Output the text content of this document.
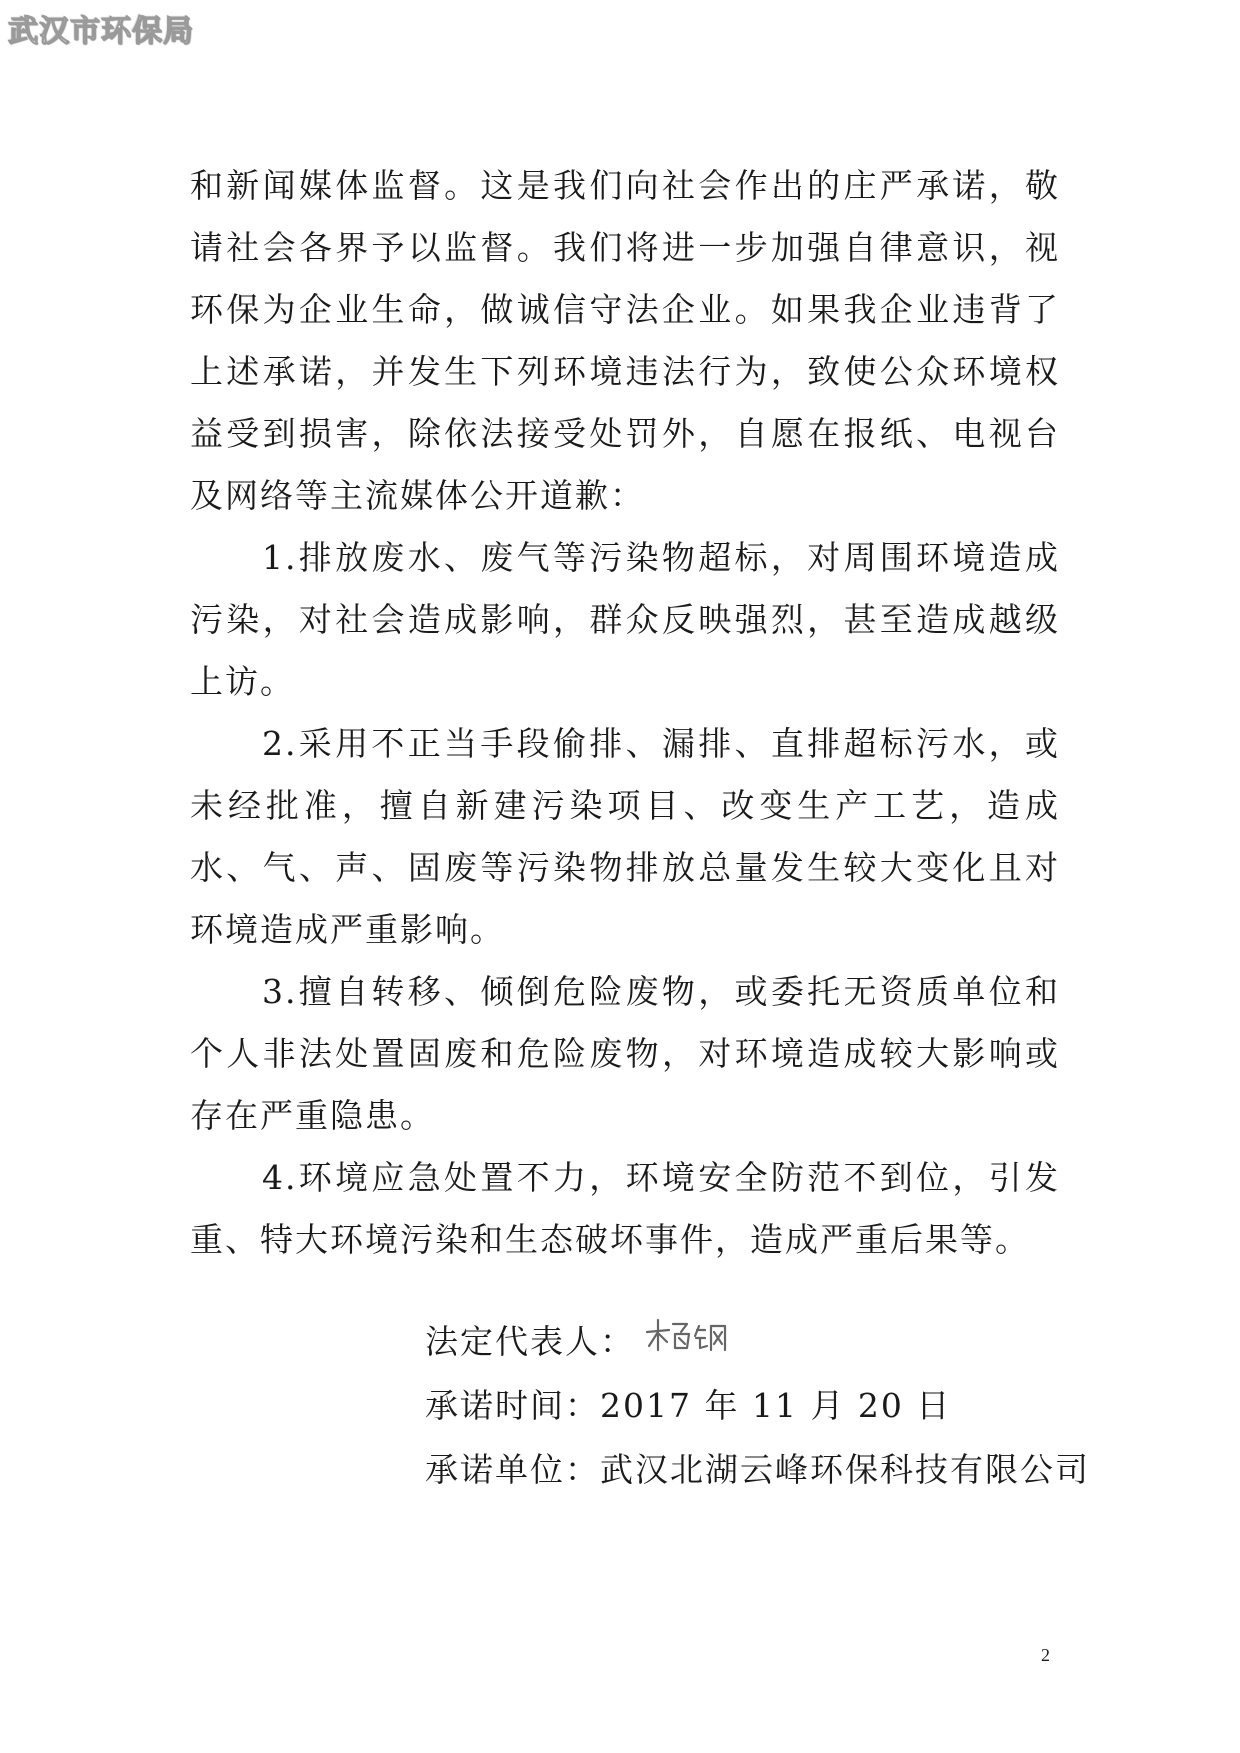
武汉市环保局

和新闻媒体监督。这是我们向社会作出的庄严承诺，敬请社会各界予以监督。我们将进一步加强自律意识，视环保为企业生命，做诚信守法企业。如果我企业违背了上述承诺，并发生下列环境违法行为，致使公众环境权益受到损害，除依法接受处罚外，自愿在报纸、电视台及网络等主流媒体公开道歉：

1.排放废水、废气等污染物超标，对周围环境造成污染，对社会造成影响，群众反映强烈，甚至造成越级上访。

2.采用不正当手段偷排、漏排、直排超标污水，或未经批准，擅自新建污染项目、改变生产工艺，造成水、气、声、固废等污染物排放总量发生较大变化且对环境造成严重影响。

3.擅自转移、倾倒危险废物，或委托无资质单位和个人非法处置固废和危险废物，对环境造成较大影响或存在严重隐患。

4.环境应急处置不力，环境安全防范不到位，引发重、特大环境污染和生态破坏事件，造成严重后果等。

法定代表人：
承诺时间： 2017 年 11 月 20 日
承诺单位： 武汉北湖云峰环保科技有限公司
2
